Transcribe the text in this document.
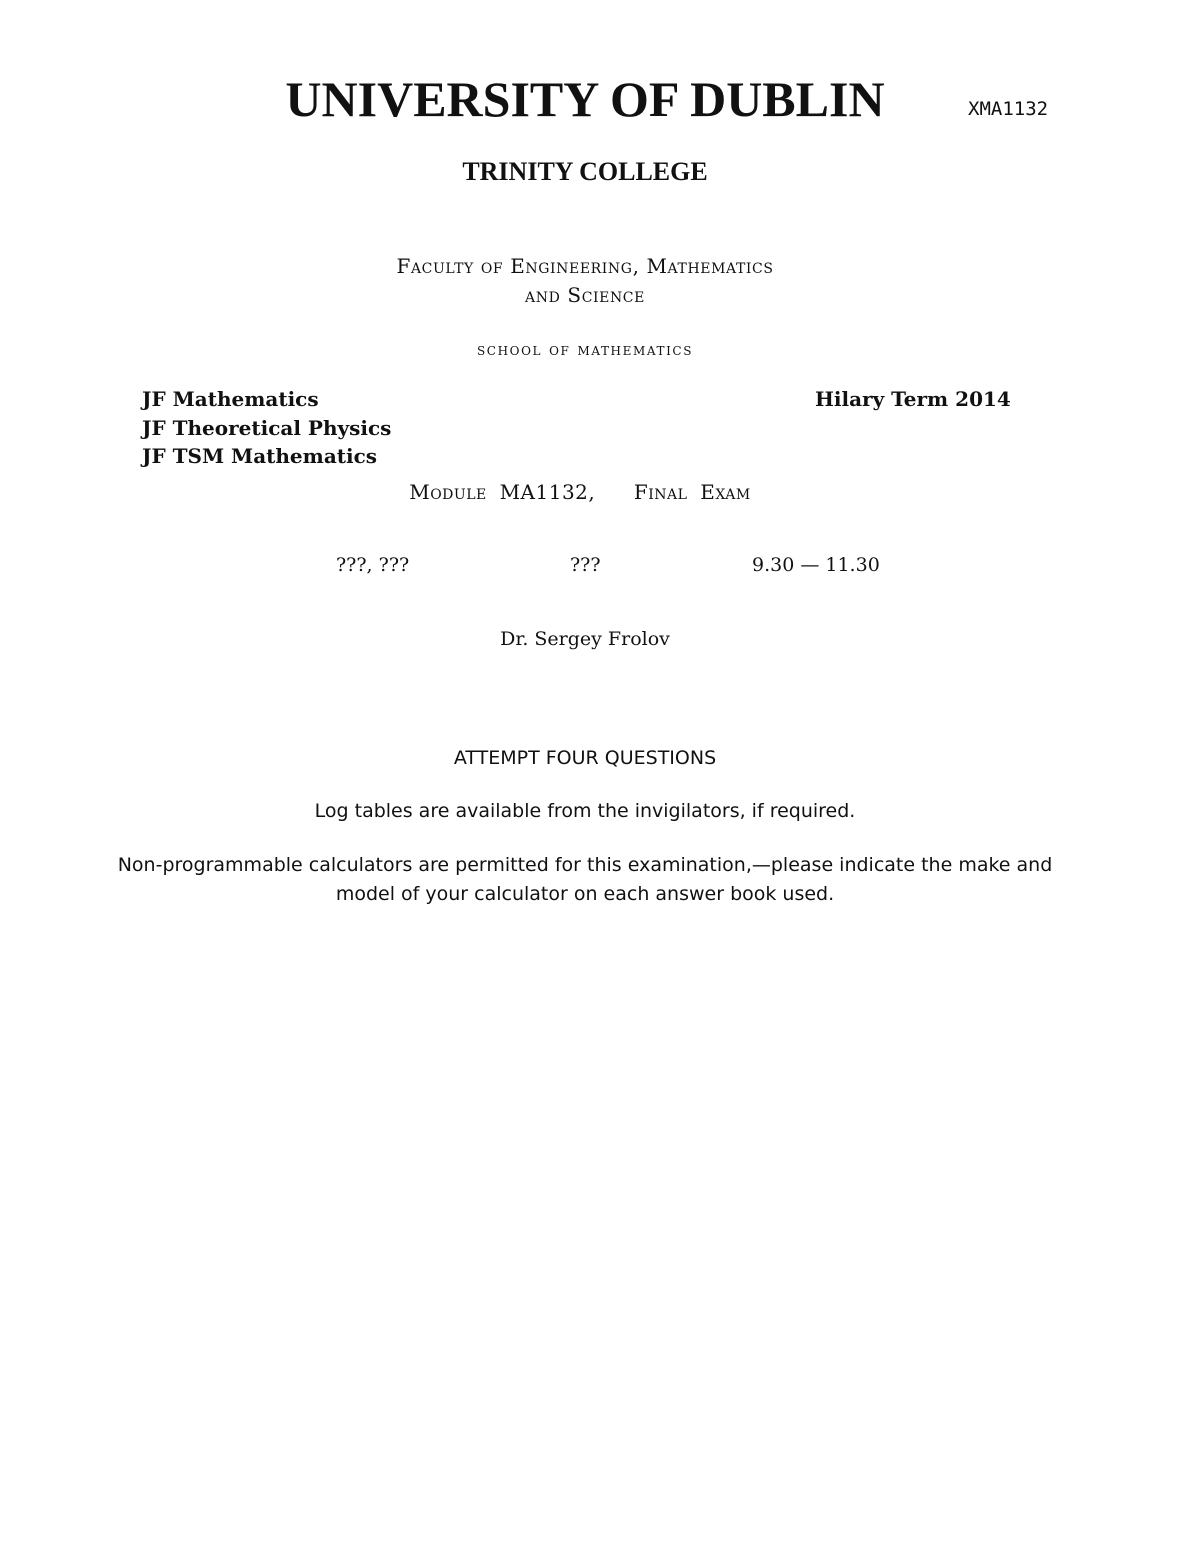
UNIVERSITY OF DUBLIN	XMA1132
TRINITY COLLEGE
Faculty of Engineering, Mathematics
and Science
school of mathematics
JF Mathematics
JF Theoretical Physics
JF TSM Mathematics
Hilary Term 2014
Module MA1132,   Final Exam
???, ???	???	9.30 — 11.30
Dr. Sergey Frolov
ATTEMPT FOUR QUESTIONS
Log tables are available from the invigilators, if required.
Non-programmable calculators are permitted for this examination,—please indicate the make and model of your calculator on each answer book used.
